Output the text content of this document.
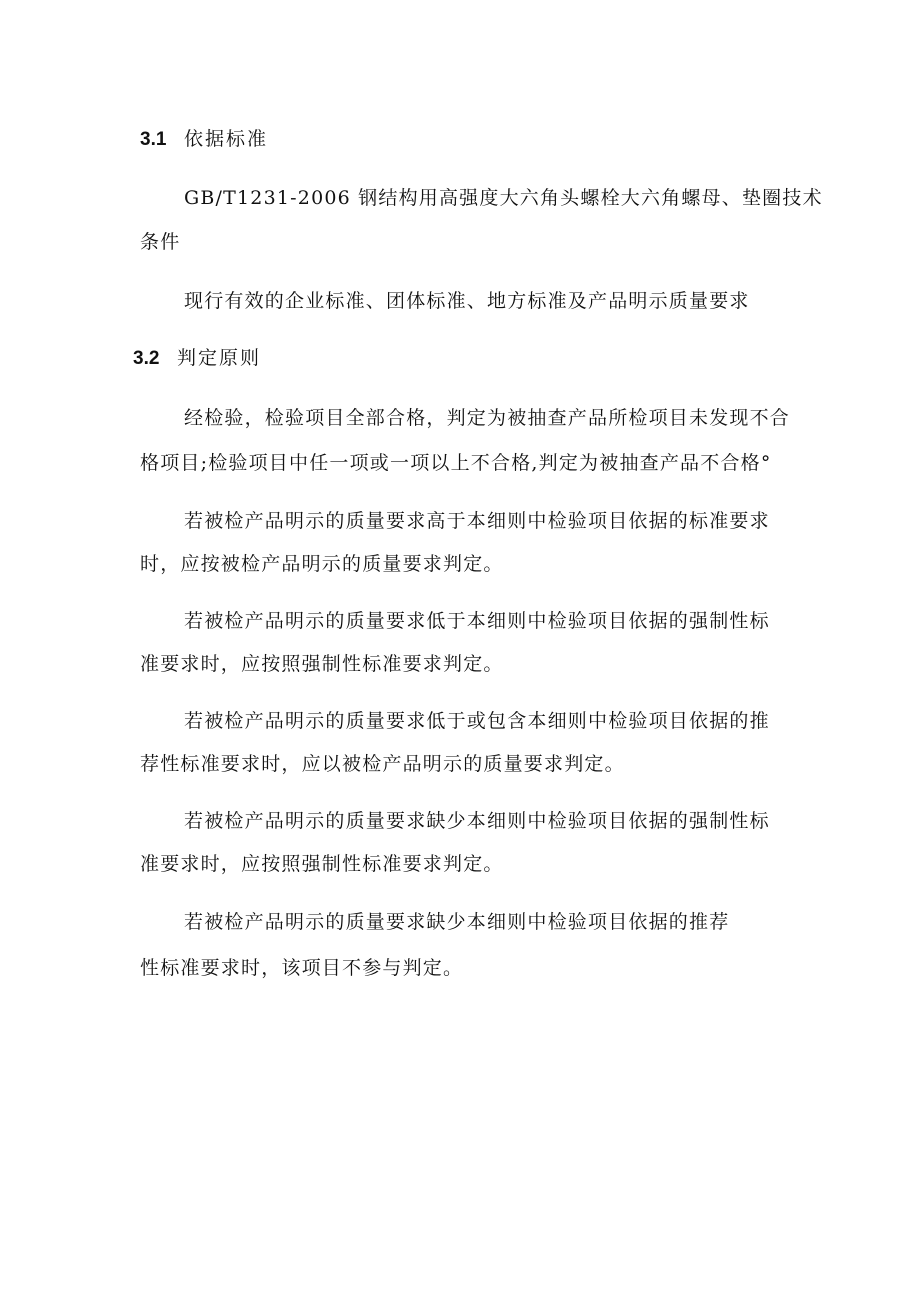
3.1 依据标准
GB/T1231-2006 钢结构用高强度大六角头螺栓大六角螺母、垫圈技术
条件
现行有效的企业标准、团体标准、地方标准及产品明示质量要求
3.2 判定原则
经检验，检验项目全部合格，判定为被抽查产品所检项目未发现不合
格项目;检验项目中任一项或一项以上不合格,判定为被抽查产品不合格°
若被检产品明示的质量要求高于本细则中检验项目依据的标准要求
时，应按被检产品明示的质量要求判定。
若被检产品明示的质量要求低于本细则中检验项目依据的强制性标
准要求时，应按照强制性标准要求判定。
若被检产品明示的质量要求低于或包含本细则中检验项目依据的推
荐性标准要求时，应以被检产品明示的质量要求判定。
若被检产品明示的质量要求缺少本细则中检验项目依据的强制性标
准要求时，应按照强制性标准要求判定。
若被检产品明示的质量要求缺少本细则中检验项目依据的推荐
性标准要求时，该项目不参与判定。
